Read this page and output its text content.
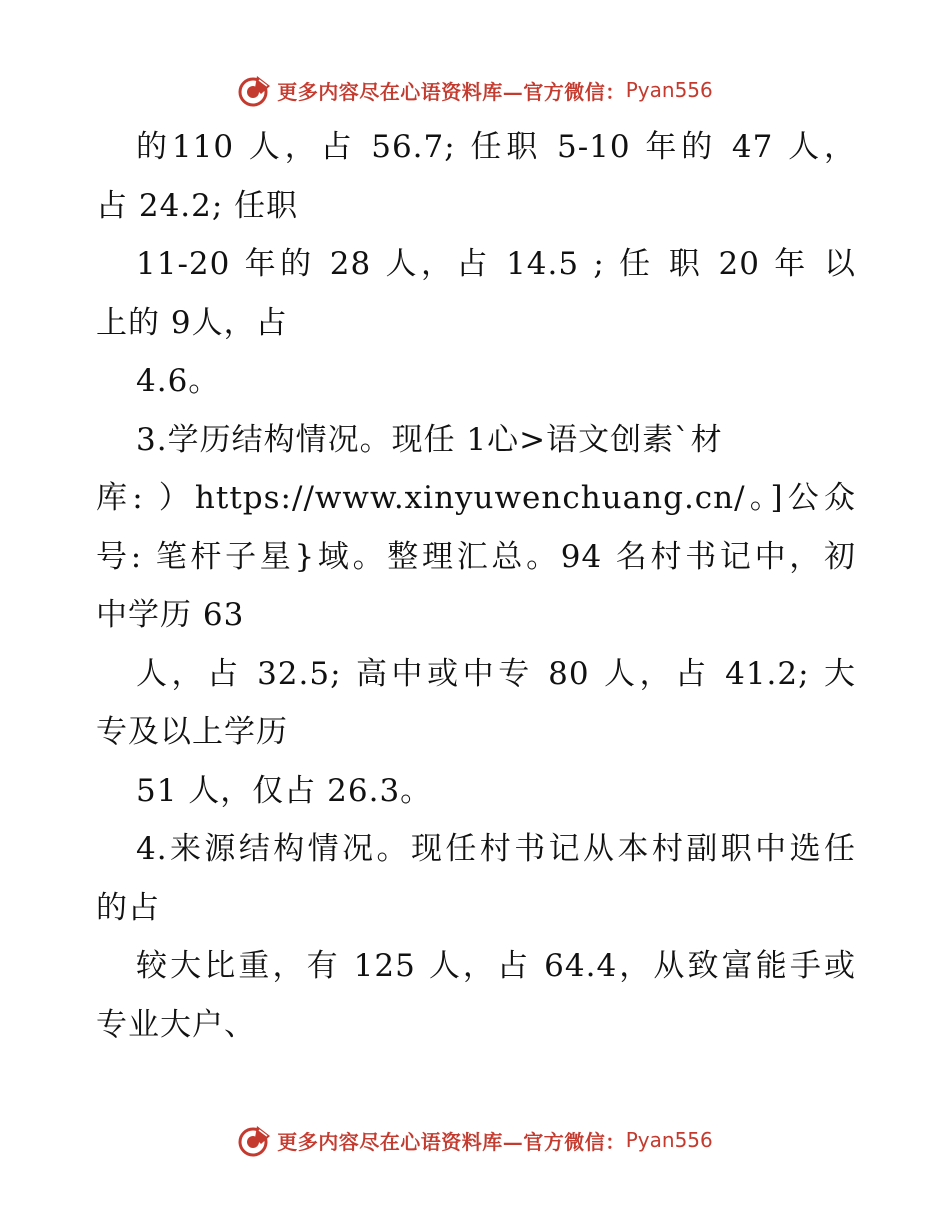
更多内容尽在心语资料库—官方微信： Pyan556
的110 人，占 56.7; 任职 5-10 年的 47 人，
占 24.2; 任职
11-20 年的 28 人，占 14.5 ; 任 职 20 年 以
上的 9人，占
4.6。
3.学历结构情况。现任 1心>语文创素`材
库: ）https://www.xinyuwenchuang.cn/。]公众
号: 笔杆子星}域。整理汇总。94 名村书记中，初
中学历 63
人，占 32.5; 高中或中专 80 人，占 41.2; 大
专及以上学历
51 人，仅占 26.3。
4.来源结构情况。现任村书记从本村副职中选任
的占
较大比重，有 125 人，占 64.4，从致富能手或
专业大户、
更多内容尽在心语资料库—官方微信： Pyan556
